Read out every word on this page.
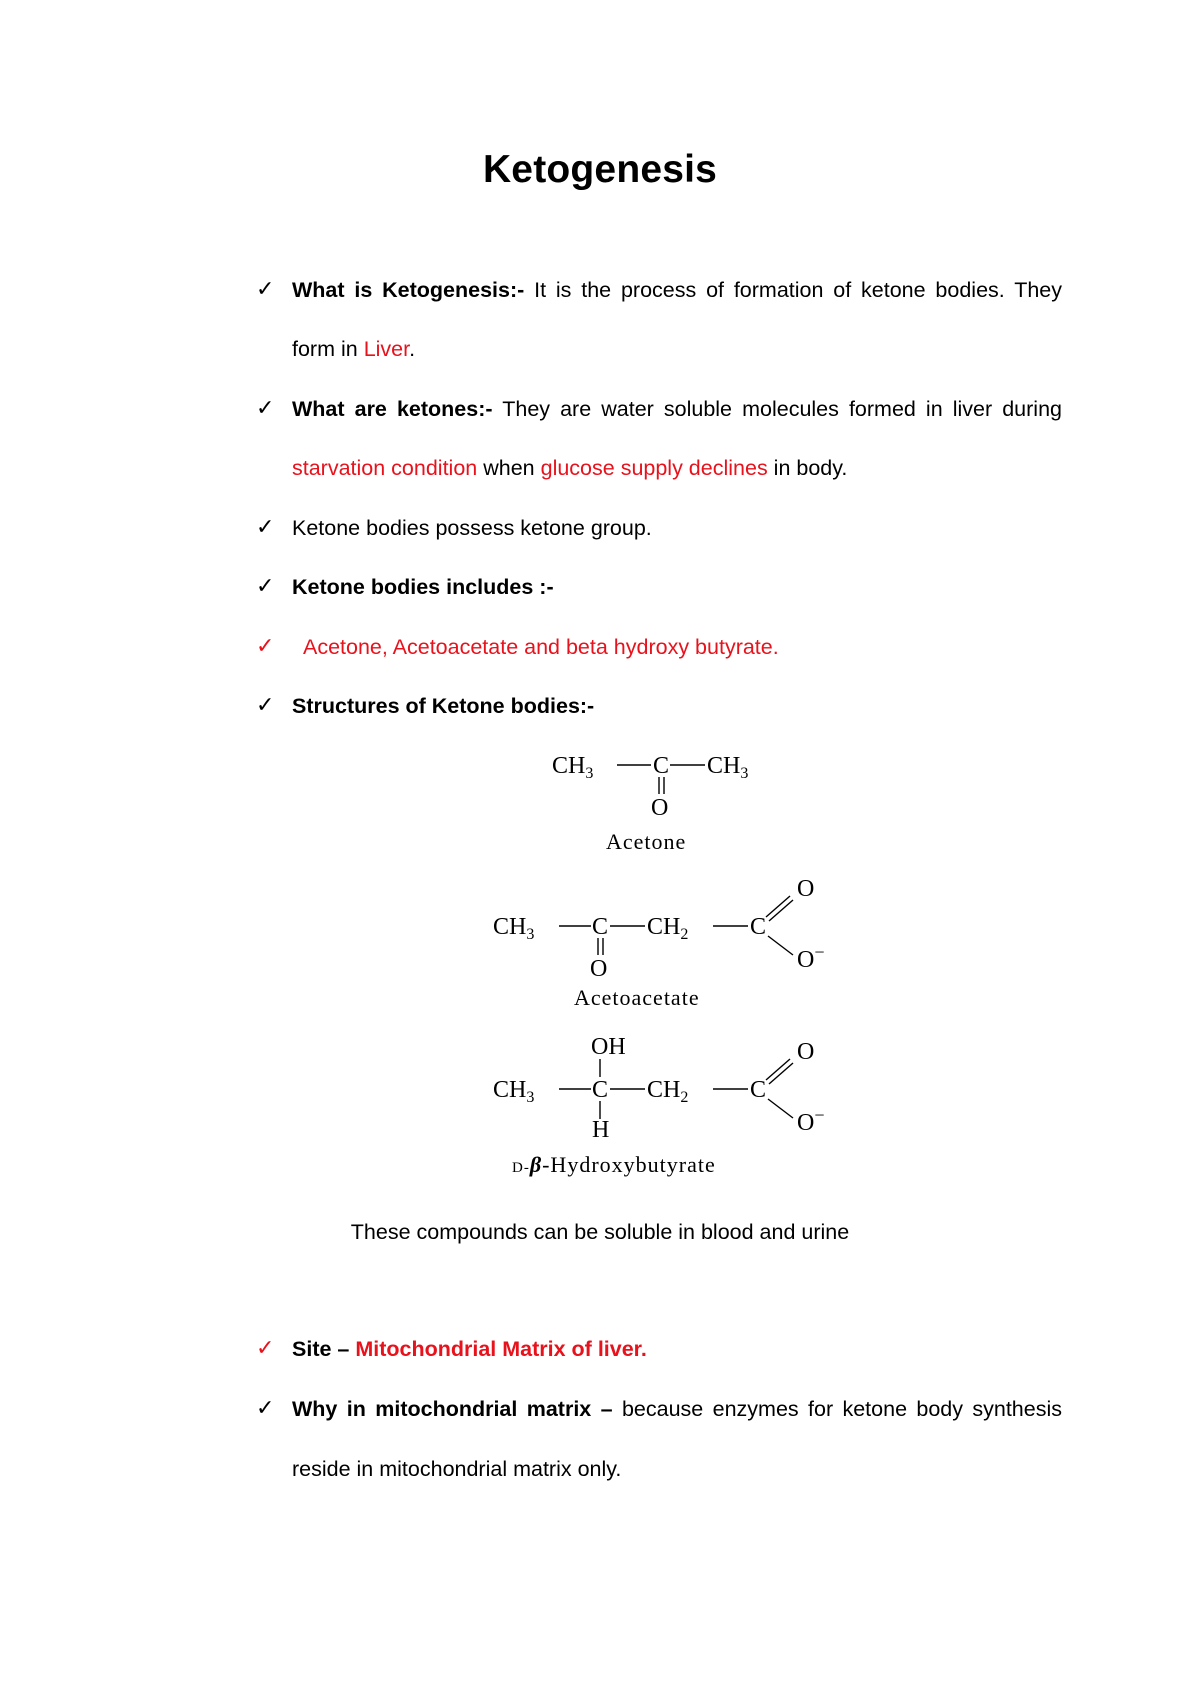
Ketogenesis
✓ What is Ketogenesis:- It is the process of formation of ketone bodies. They
form in Liver.
✓ What are ketones:- They are water soluble molecules formed in liver during
starvation condition when glucose supply declines in body.
✓ Ketone bodies possess ketone group.
✓ Ketone bodies includes :-
✓ Acetone, Acetoacetate and beta hydroxy butyrate.
✓ Structures of Ketone bodies:-
$CH_3$ C $CH_3$
O
Acetone
$CH_3$ C $CH_2$	C
O
O−
O
Acetoacetate
OH
$CH_3$ C $CH_2$	C
O
O−
H
D-β-Hydroxybutyrate
These compounds can be soluble in blood and urine
✓ Site – Mitochondrial Matrix of liver.
✓ Why in mitochondrial matrix – because enzymes for ketone body synthesis
reside in mitochondrial matrix only.
